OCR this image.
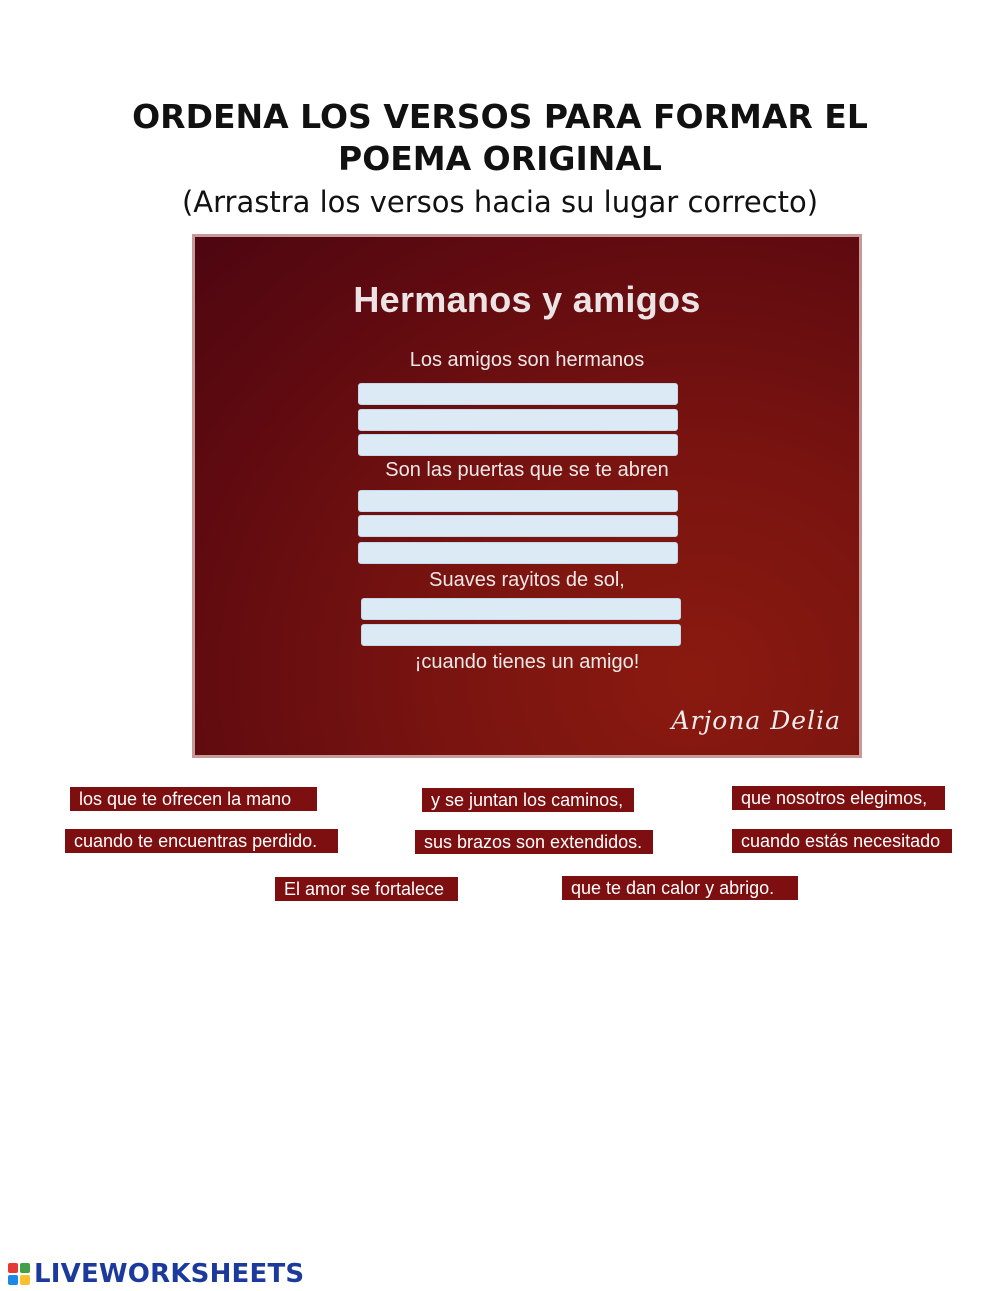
ORDENA LOS VERSOS PARA FORMAR EL
POEMA ORIGINAL
(Arrastra los versos hacia su lugar correcto)
Hermanos y amigos
Los amigos son hermanos
Son las puertas que se te abren
Suaves rayitos de sol,
¡cuando tienes un amigo!
Arjona Delia
los que te ofrecen la mano	y se juntan los caminos,	que nosotros elegimos,
cuando te encuentras perdido.	sus brazos son extendidos.	cuando estás necesitado
El amor se fortalece	que te dan calor y abrigo.
LIVEWORKSHEETS
